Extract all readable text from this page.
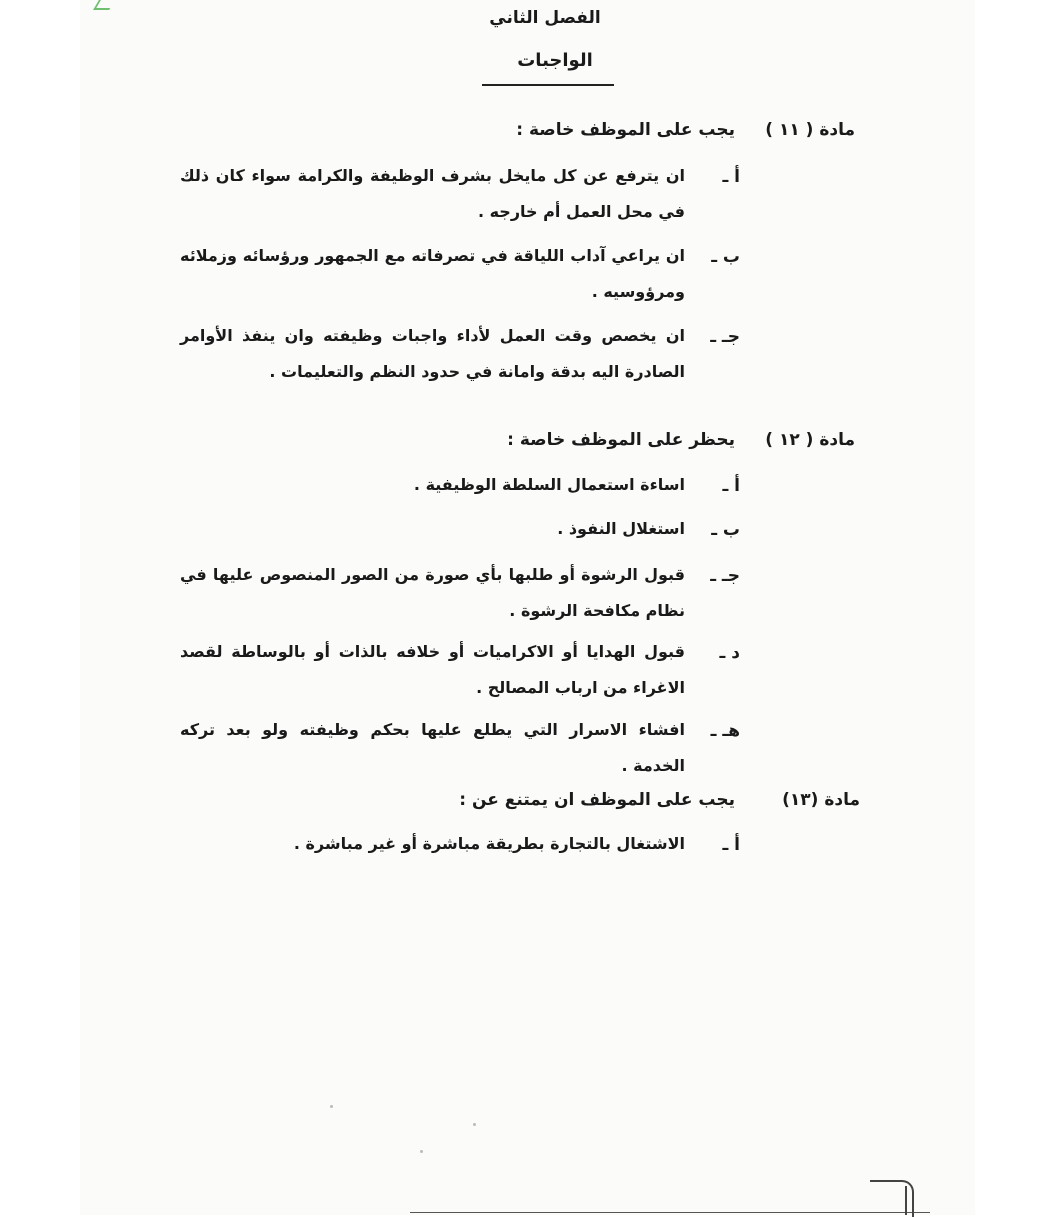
الفصل الثاني
الواجبات
مادة ( ١١ )
يجب على الموظف خاصة :
أ ـ
ان يترفع عن كل مايخل بشرف الوظيفة والكرامة سواء كان ذلك في محل العمل أم خارجه .
ب ـ
ان يراعي آداب اللياقة في تصرفاته مع الجمهور ورؤسائه وزملائه ومرؤوسيه .
جـ ـ
ان يخصص وقت العمل لأداء واجبات وظيفته وان ينفذ الأوامر الصادرة اليه بدقة وامانة في حدود النظم والتعليمات .
مادة ( ١٢ )
يحظر على الموظف خاصة :
أ ـ
اساءة استعمال السلطة الوظيفية .
ب ـ
استغلال النفوذ .
جـ ـ
قبول الرشوة أو طلبها بأي صورة من الصور المنصوص عليها في نظام مكافحة الرشوة .
د ـ
قبول الهدايا أو الاكراميات أو خلافه بالذات أو بالوساطة لقصد الاغراء من ارباب المصالح .
هـ ـ
افشاء الاسرار التي يطلع عليها بحكم وظيفته ولو بعد تركه الخدمة .
مادة (١٣)
يجب على الموظف ان يمتنع عن :
أ ـ
الاشتغال بالتجارة بطريقة مباشرة أو غير مباشرة .
